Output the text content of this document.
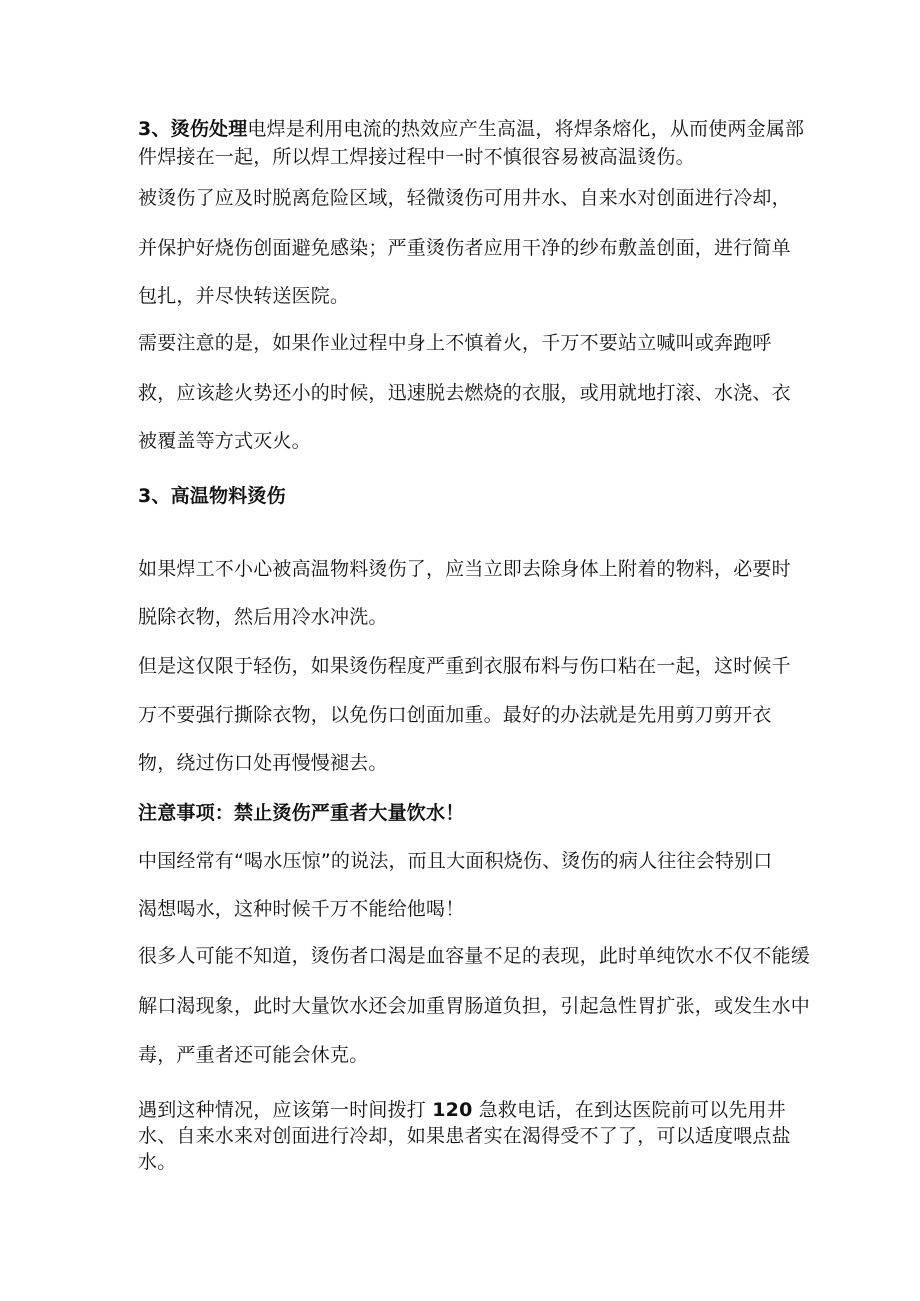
3、烫伤处理电焊是利用电流的热效应产生高温，将焊条熔化，从而使两金属部
件焊接在一起，所以焊工焊接过程中一时不慎很容易被高温烫伤。
被烫伤了应及时脱离危险区域，轻微烫伤可用井水、自来水对创面进行冷却，
并保护好烧伤创面避免感染；严重烫伤者应用干净的纱布敷盖创面，进行简单
包扎，并尽快转送医院。
需要注意的是，如果作业过程中身上不慎着火，千万不要站立喊叫或奔跑呼
救，应该趁火势还小的时候，迅速脱去燃烧的衣服，或用就地打滚、水浇、衣
被覆盖等方式灭火。
3、高温物料烫伤
如果焊工不小心被高温物料烫伤了，应当立即去除身体上附着的物料，必要时
脱除衣物，然后用冷水冲洗。
但是这仅限于轻伤，如果烫伤程度严重到衣服布料与伤口粘在一起，这时候千
万不要强行撕除衣物，以免伤口创面加重。最好的办法就是先用剪刀剪开衣
物，绕过伤口处再慢慢褪去。
注意事项：禁止烫伤严重者大量饮水！
中国经常有“喝水压惊”的说法，而且大面积烧伤、烫伤的病人往往会特别口
渴想喝水，这种时候千万不能给他喝！
很多人可能不知道，烫伤者口渴是血容量不足的表现，此时单纯饮水不仅不能缓
解口渴现象，此时大量饮水还会加重胃肠道负担，引起急性胃扩张，或发生水中
毒，严重者还可能会休克。
遇到这种情况，应该第一时间拨打 120 急救电话，在到达医院前可以先用井
水、自来水来对创面进行冷却，如果患者实在渴得受不了了，可以适度喂点盐
水。
